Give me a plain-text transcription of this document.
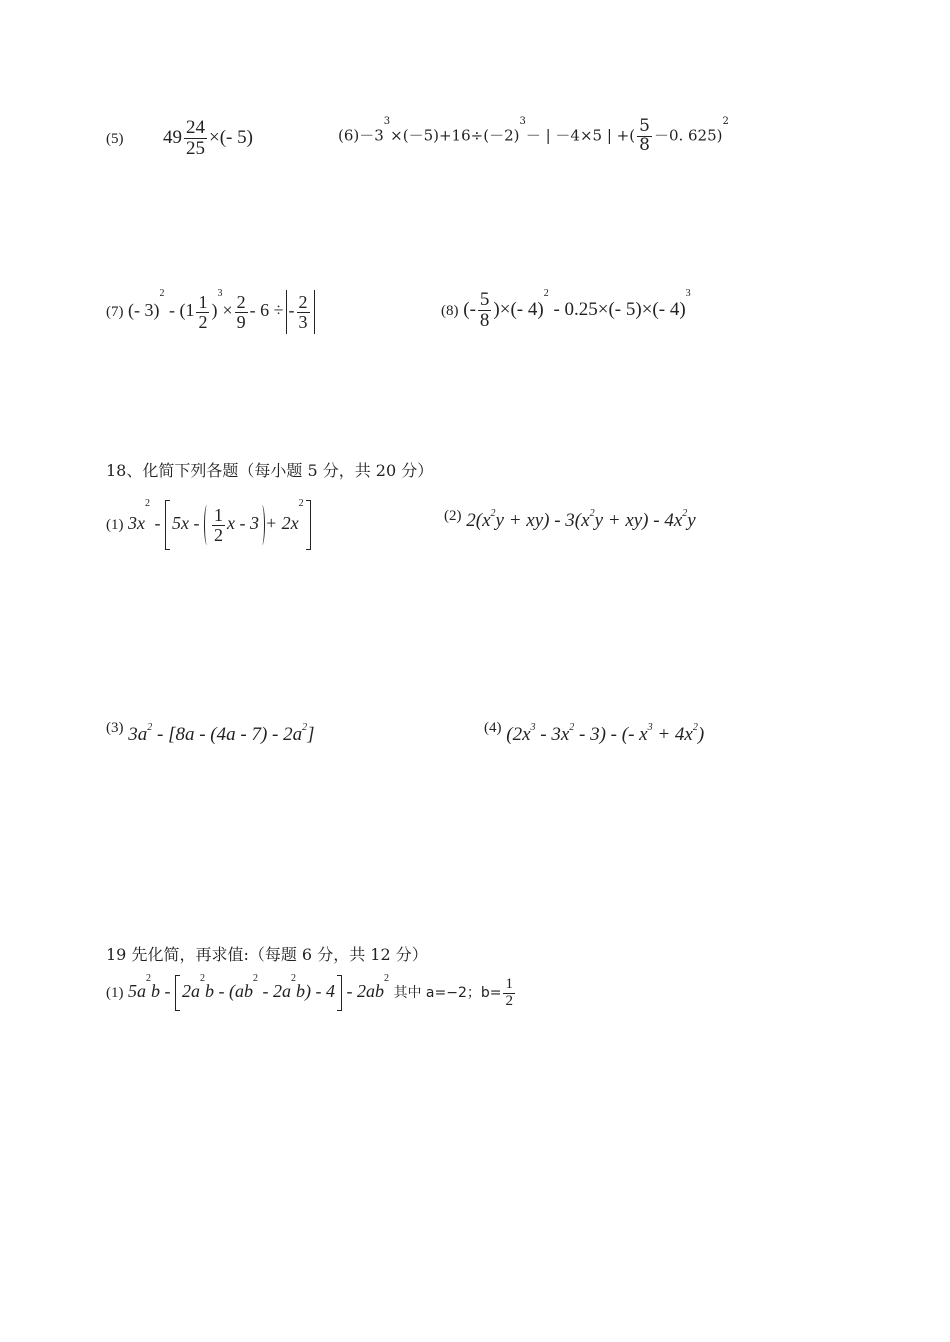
(5) $49 \frac{24}{25}$ ×(- 5)	$(6)-3^3\times(-5)+16\div(-2)^3-$ | －4×5 | +( $\frac{5}{8} -0$. 625)$^2$
(7) (- $3)^2 - (1 \frac{1}{2} )^3\times \frac{2}{9} - 6$ ÷ - $\frac{2}{3}$	(8) (- $\frac{5}{8}$ )×(- 4)$^2$ - 0.25×(- 5)×(- 4)$^3$
18、化简下列各题（每小题 5 分，共 20 分）
(1) $3x^2 - 5x - \frac{1}{2}$ $x - 3 + 2x^2$
$^{(2)}$ $2(x^2y + xy) - 3(x^2y + xy) - 4x^2y$
$^{(3)}$ $3a^2 - [8a - (4a - 7) - 2a^2]$	$^{(4)}$ $(2x^3 - 3x^2 - 3)$ - (- $x^3 + 4x^2$)
19 先化简，再求值:（每题 6 分，共 12 分）
(1) $5a^2b - 2a^2b - (ab^2 - 2a^2b) - 4 - 2ab^2$ 其中 a=−2；$b= \frac{1}{2}$
